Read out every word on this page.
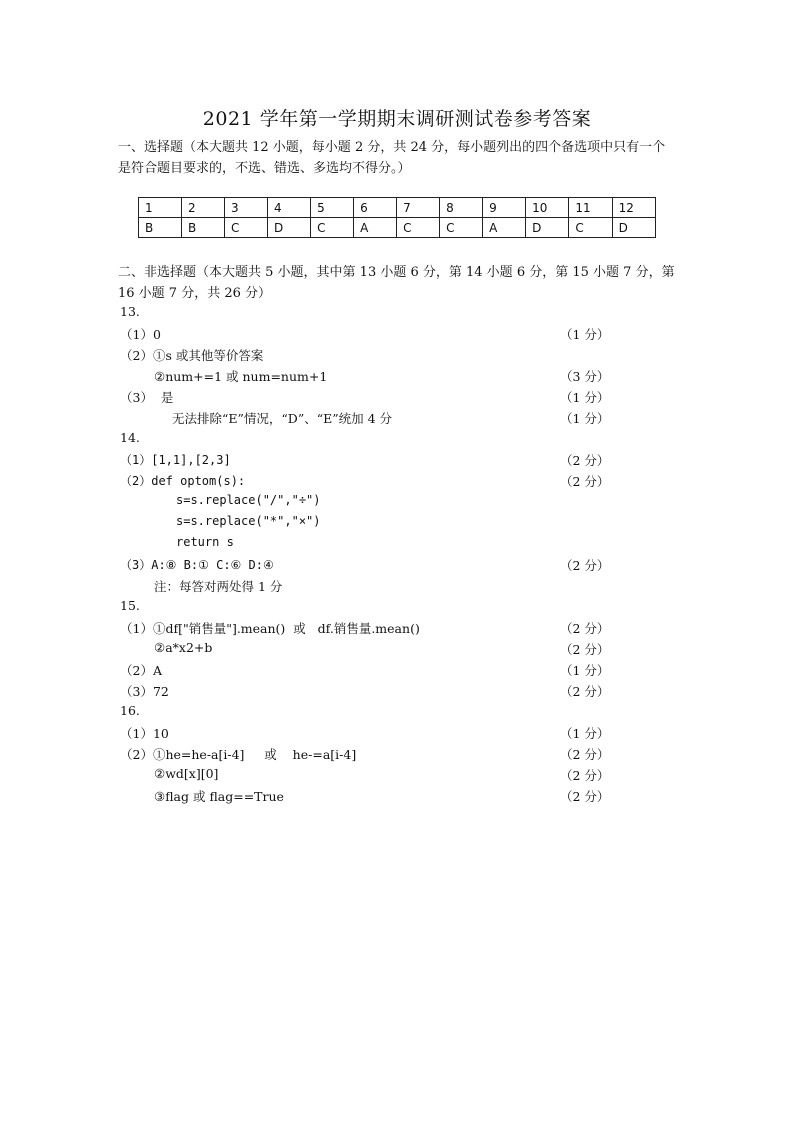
2021 学年第一学期期末调研测试卷参考答案
一、选择题（本大题共 12 小题，每小题 2 分，共 24 分，每小题列出的四个备选项中只有一个是符合题目要求的，不选、错选、多选均不得分。）
1	2	3	4	5	6	7	8	9	10	11	12
B	B	C	D	C	A	C	C	A	D	C	D
二、非选择题（本大题共 5 小题，其中第 13 小题 6 分，第 14 小题 6 分，第 15 小题 7 分，第 16 小题 7 分，共 26 分）
13.
（1）0	（1 分）
（2）①s 或其他等价答案
②num+=1 或 num=num+1	（3 分）
（3）  是	（1 分）
无法排除“E”情况，“D”、“E”统加 4 分	（1 分）
14.
（1）[1,1],[2,3]	（2 分）
（2）def optom(s):	（2 分）
s=s.replace("/","÷")
s=s.replace("*","×")
return s
（3）A:⑧ B:① C:⑥ D:④	（2 分）
注：每答对两处得 1 分
15.
（1）①df["销售量"].mean()  或   df.销售量.mean()	（2 分）
②a*x2+b	（2 分）
（2）A	（1 分）
（3）72	（2 分）
16.
（1）10	（1 分）
（2）①he=he-a[i-4]     或    he-=a[i-4]	（2 分）
②wd[x][0]	（2 分）
③flag 或 flag==True	（2 分）
